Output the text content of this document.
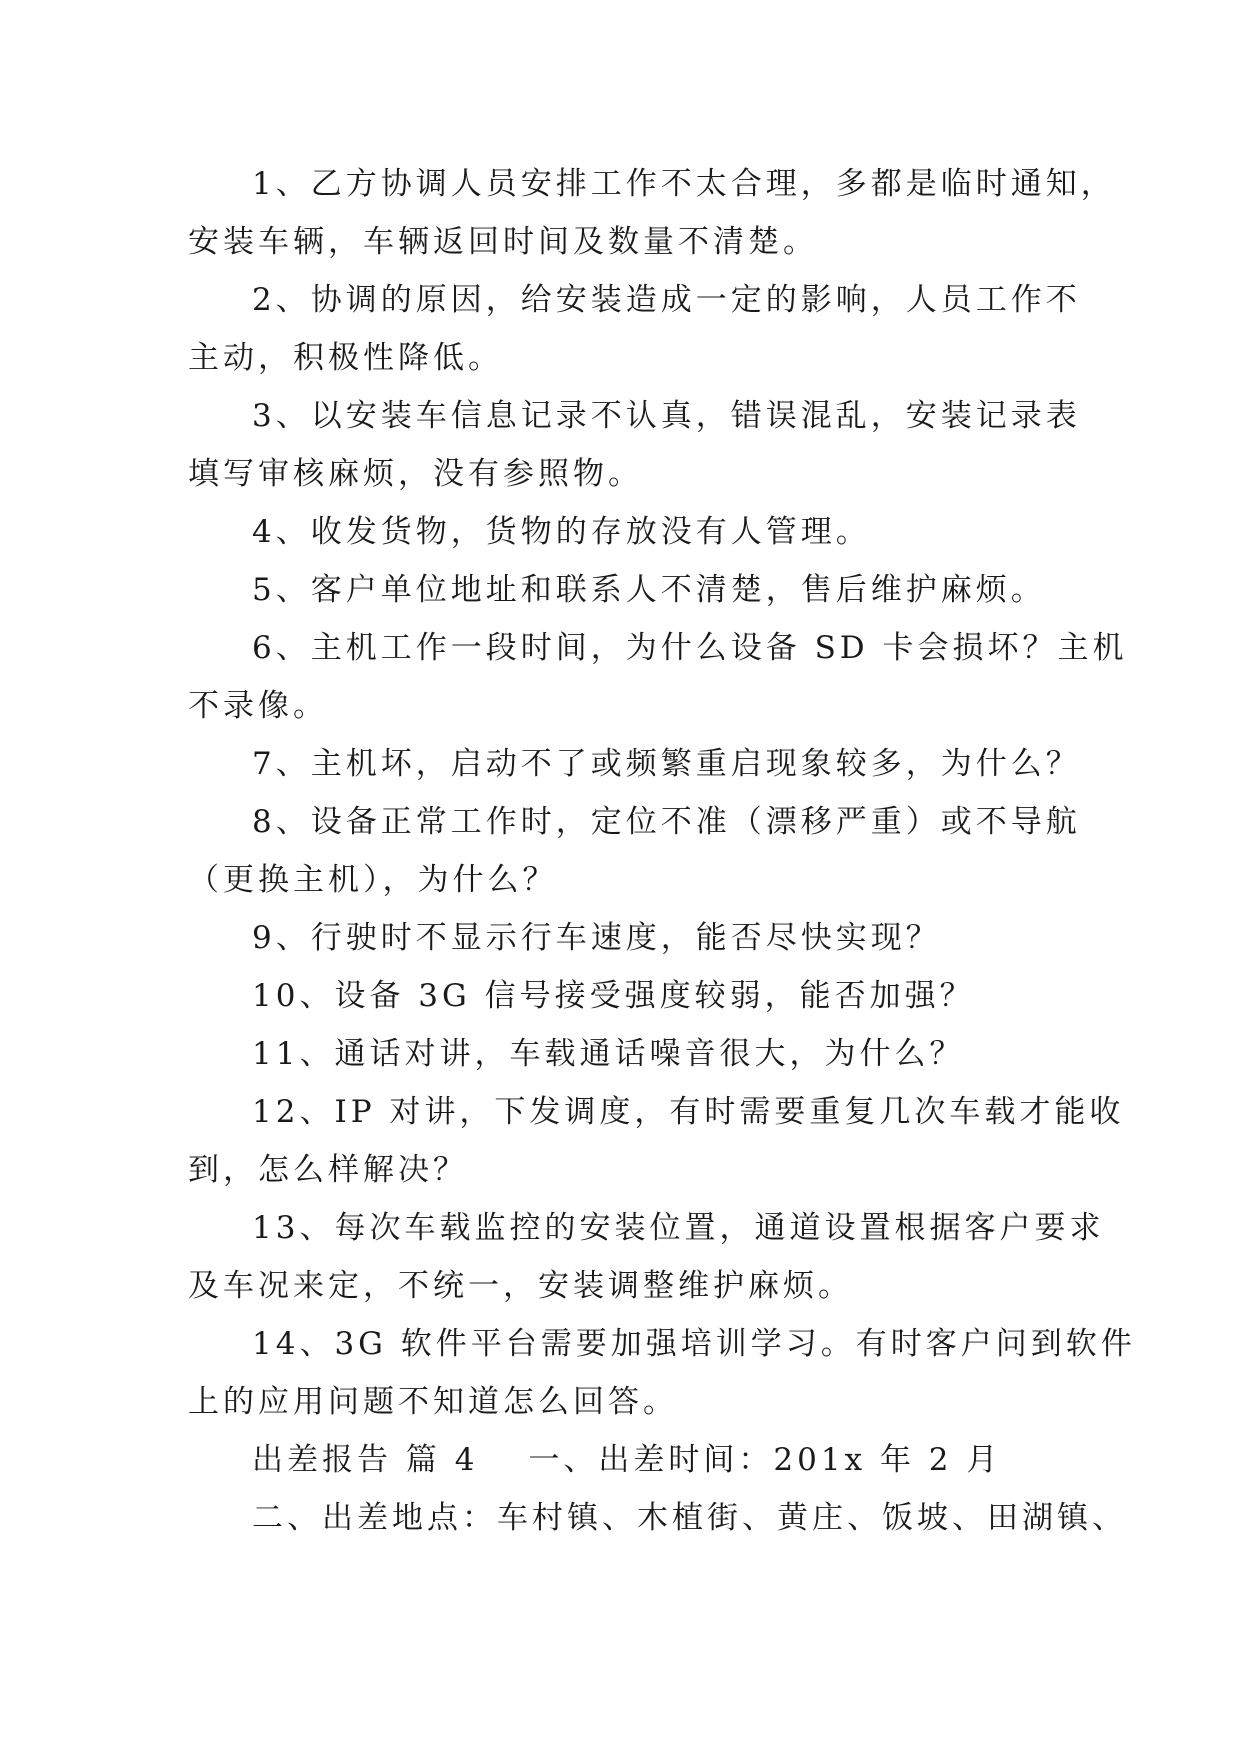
1、乙方协调人员安排工作不太合理，多都是临时通知，
安装车辆，车辆返回时间及数量不清楚。
2、协调的原因，给安装造成一定的影响，人员工作不
主动，积极性降低。
3、以安装车信息记录不认真，错误混乱，安装记录表
填写审核麻烦，没有参照物。
4、收发货物，货物的存放没有人管理。
5、客户单位地址和联系人不清楚，售后维护麻烦。
6、主机工作一段时间，为什么设备 SD 卡会损坏？主机
不录像。
7、主机坏，启动不了或频繁重启现象较多，为什么？
8、设备正常工作时，定位不准（漂移严重）或不导航
（更换主机），为什么？
9、行驶时不显示行车速度，能否尽快实现？
10、设备 3G 信号接受强度较弱，能否加强？
11、通话对讲，车载通话噪音很大，为什么？
12、IP 对讲，下发调度，有时需要重复几次车载才能收
到，怎么样解决？
13、每次车载监控的安装位置，通道设置根据客户要求
及车况来定，不统一，安装调整维护麻烦。
14、3G 软件平台需要加强培训学习。有时客户问到软件
上的应用问题不知道怎么回答。
出差报告 篇 4 一、出差时间：201x 年 2 月
二、出差地点：车村镇、木植街、黄庄、饭坡、田湖镇、
